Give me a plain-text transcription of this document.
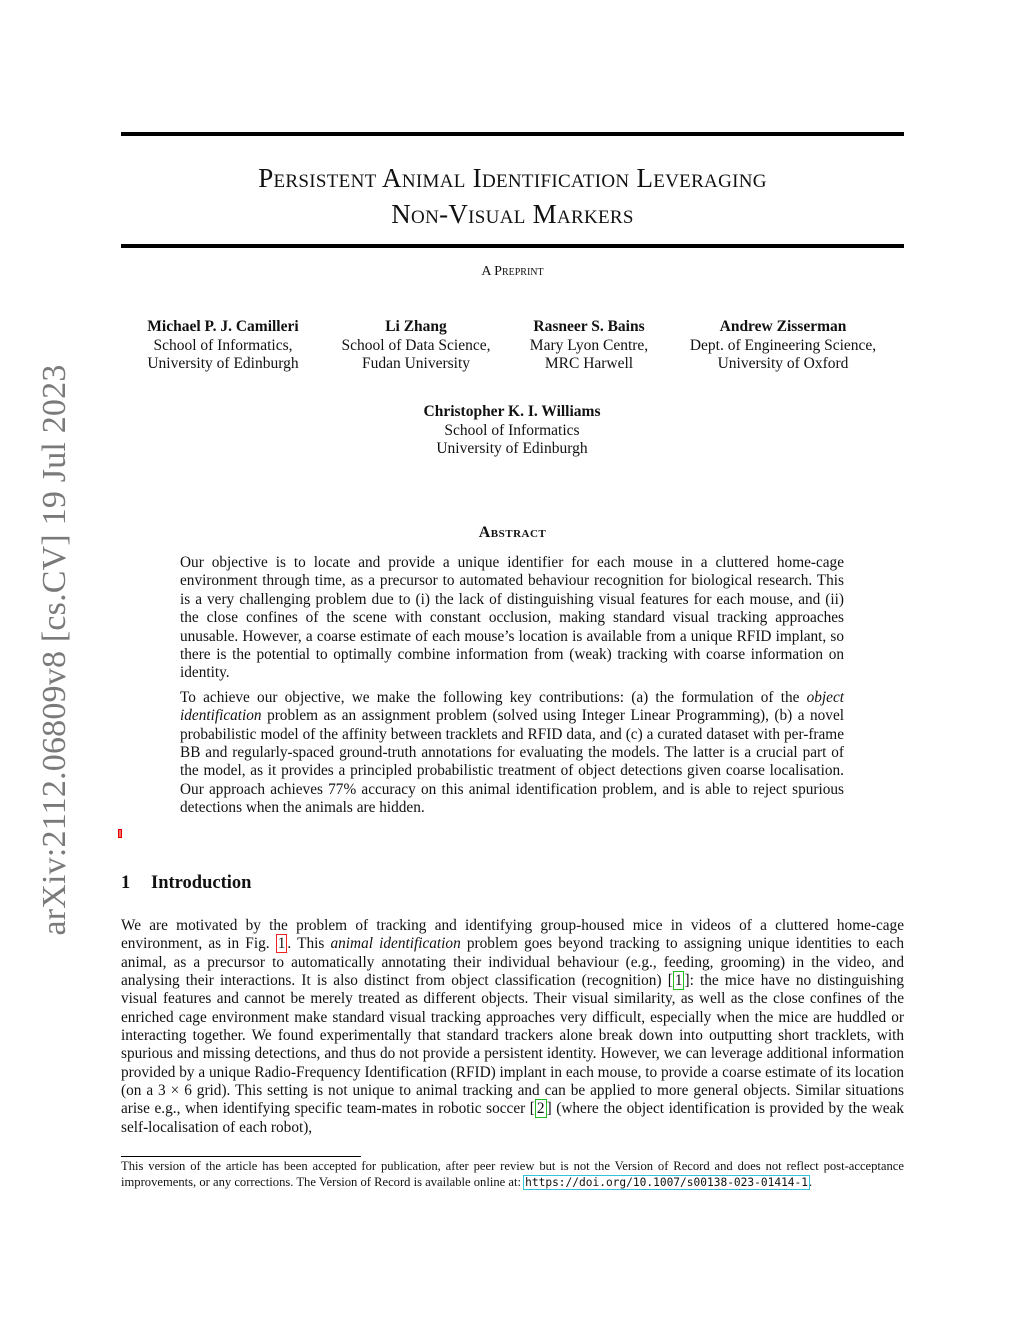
arXiv:2112.06809v8 [cs.CV] 19 Jul 2023
Persistent Animal Identification Leveraging
Non-Visual Markers
A Preprint
Michael P. J. Camilleri
School of Informatics,
University of Edinburgh
Li Zhang
School of Data Science,
Fudan University
Rasneer S. Bains
Mary Lyon Centre,
MRC Harwell
Andrew Zisserman
Dept. of Engineering Science,
University of Oxford
Christopher K. I. Williams
School of Informatics
University of Edinburgh
Abstract

Our objective is to locate and provide a unique identifier for each mouse in a cluttered home-cage environment through time, as a precursor to automated behaviour recognition for biological research. This is a very challenging problem due to (i) the lack of distinguishing visual features for each mouse, and (ii) the close confines of the scene with constant occlusion, making standard visual tracking approaches unusable. However, a coarse estimate of each mouse’s location is available from a unique RFID implant, so there is the potential to optimally combine information from (weak) tracking with coarse information on identity.

To achieve our objective, we make the following key contributions: (a) the formulation of the object identification problem as an assignment problem (solved using Integer Linear Programming), (b) a novel probabilistic model of the affinity between tracklets and RFID data, and (c) a curated dataset with per-frame BB and regularly-spaced ground-truth annotations for evaluating the models. The latter is a crucial part of the model, as it provides a principled probabilistic treatment of object detections given coarse localisation. Our approach achieves 77% accuracy on this animal identification problem, and is able to reject spurious detections when the animals are hidden.

1 Introduction

We are motivated by the problem of tracking and identifying group-housed mice in videos of a cluttered home-cage environment, as in Fig. 1 . This animal identification problem goes beyond tracking to assigning unique identities to each animal, as a precursor to automatically annotating their individual behaviour (e.g., feeding, grooming) in the video, and analysing their interactions. It is also distinct from object classification (recognition) [ 1 ]: the mice have no distinguishing visual features and cannot be merely treated as different objects. Their visual similarity, as well as the close confines of the enriched cage environment make standard visual tracking approaches very difficult, especially when the mice are huddled or interacting together. We found experimentally that standard trackers alone break down into outputting short tracklets, with spurious and missing detections, and thus do not provide a persistent identity. However, we can leverage additional information provided by a unique Radio-Frequency Identification (RFID) implant in each mouse, to provide a coarse estimate of its location (on a 3 × 6 grid). This setting is not unique to animal tracking and can be applied to more general objects. Similar situations arise e.g., when identifying specific team-mates in robotic soccer [ 2 ] (where the object identification is provided by the weak self-localisation of each robot),

This version of the article has been accepted for publication, after peer review but is not the Version of Record and does not reflect post-acceptance improvements, or any corrections. The Version of Record is available online at: https://doi.org/10.1007/s00138-023-01414-1.
